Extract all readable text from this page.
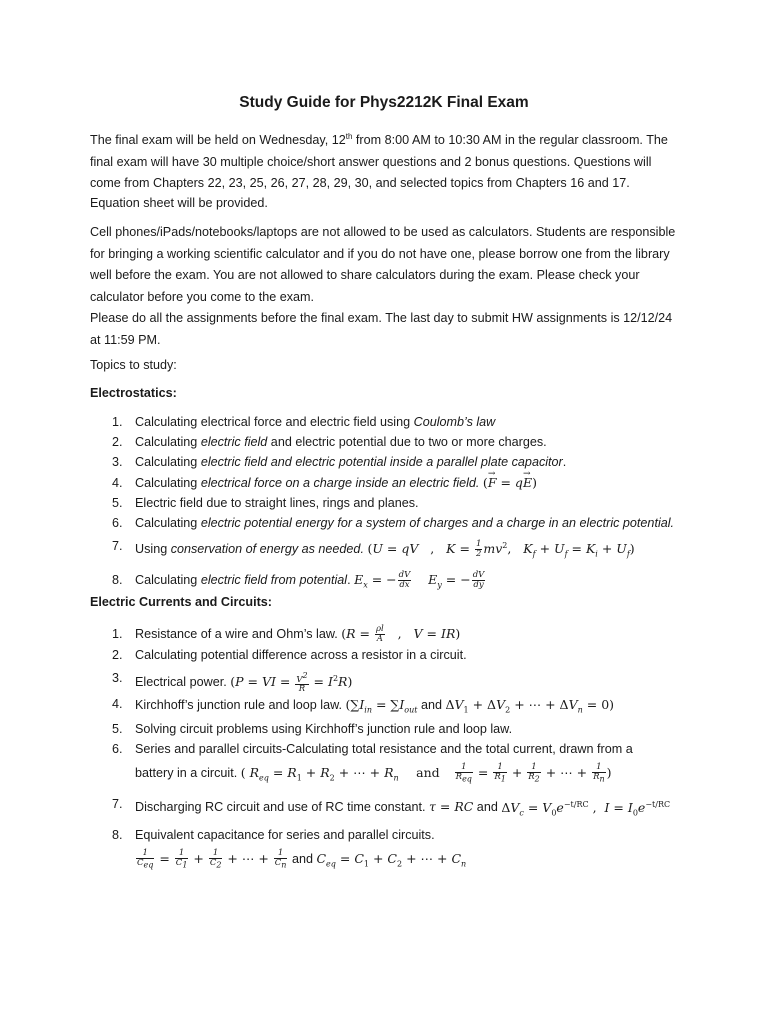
Study Guide for Phys2212K Final Exam

The final exam will be held on Wednesday, 12th from 8:00 AM to 10:30 AM in the regular classroom. The final exam will have 30 multiple choice/short answer questions and 2 bonus questions. Questions will come from Chapters 22, 23, 25, 26, 27, 28, 29, 30, and selected topics from Chapters 16 and 17.

Equation sheet will be provided.

Cell phones/iPads/notebooks/laptops are not allowed to be used as calculators. Students are responsible for bringing a working scientific calculator and if you do not have one, please borrow one from the library well before the exam. You are not allowed to share calculators during the exam. Please check your calculator before you come to the exam.

Please do all the assignments before the final exam. The last day to submit HW assignments is 12/12/24 at 11:59 PM.

Topics to study:

Electrostatics:

1. Calculating electrical force and electric field using Coulomb’s law
2. Calculating electric field and electric potential due to two or more charges.
3. Calculating electric field and electric potential inside a parallel plate capacitor.
4. Calculating electrical force on a charge inside an electric field. (→ F = q→ E)
5. Electric field due to straight lines, rings and planes.
6. Calculating electric potential energy for a system of charges and a charge in an electric potential.
7. Using conservation of energy as needed. (U = qV   ,   $K = \frac{1}{2} mv^2$,   $K_f + U_f = K_i + U_f$)
8. Calculating electric field from potential. $E_x$ = − $\frac{dV}{dx} E_y$ = − $\frac{dV}{dy}$

Electric Currents and Circuits:

1. Resistance of a wire and Ohm’s law. ($R = \frac{\rho l}{A}$ ,   V = IR)
2. Calculating potential difference across a resistor in a circuit.
3. Electrical power. (P = VI = $\frac{V^2}{R} = I^2R$)
4. Kirchhoff’s junction rule and loop law. ($\sum I_{in} = \sum I_{out}$ and $\Delta V_1 + \Delta V_2$ + ⋯ + $\Delta V_n = 0$)
5. Solving circuit problems using Kirchhoff’s junction rule and loop law.
6. Series and parallel circuits-Calculating total resistance and the total current, drawn from a
battery in a circuit. ( $R_{eq} = R_1 + R_2$ + ⋯ + $R_n$ and $\frac{1}{R_{eq}} = \frac{1}{R_1} + \frac{1}{R_2}$ + ⋯ + $\frac{1}{R_n}$ )
7. Discharging RC circuit and use of RC time constant. τ = RC and $\Delta V_c = V_0e^{-t/RC}$ ,  $I = I_0e^{-t/RC}$
8. Equivalent capacitance for series and parallel circuits.

$\frac{1}{C_{eq}} = \frac{1}{C_1} + \frac{1}{C_2}$ + ⋯ + $\frac{1}{C_n}$ and $C_{eq} = C_1 + C_2$ + ⋯ + $C_n$
